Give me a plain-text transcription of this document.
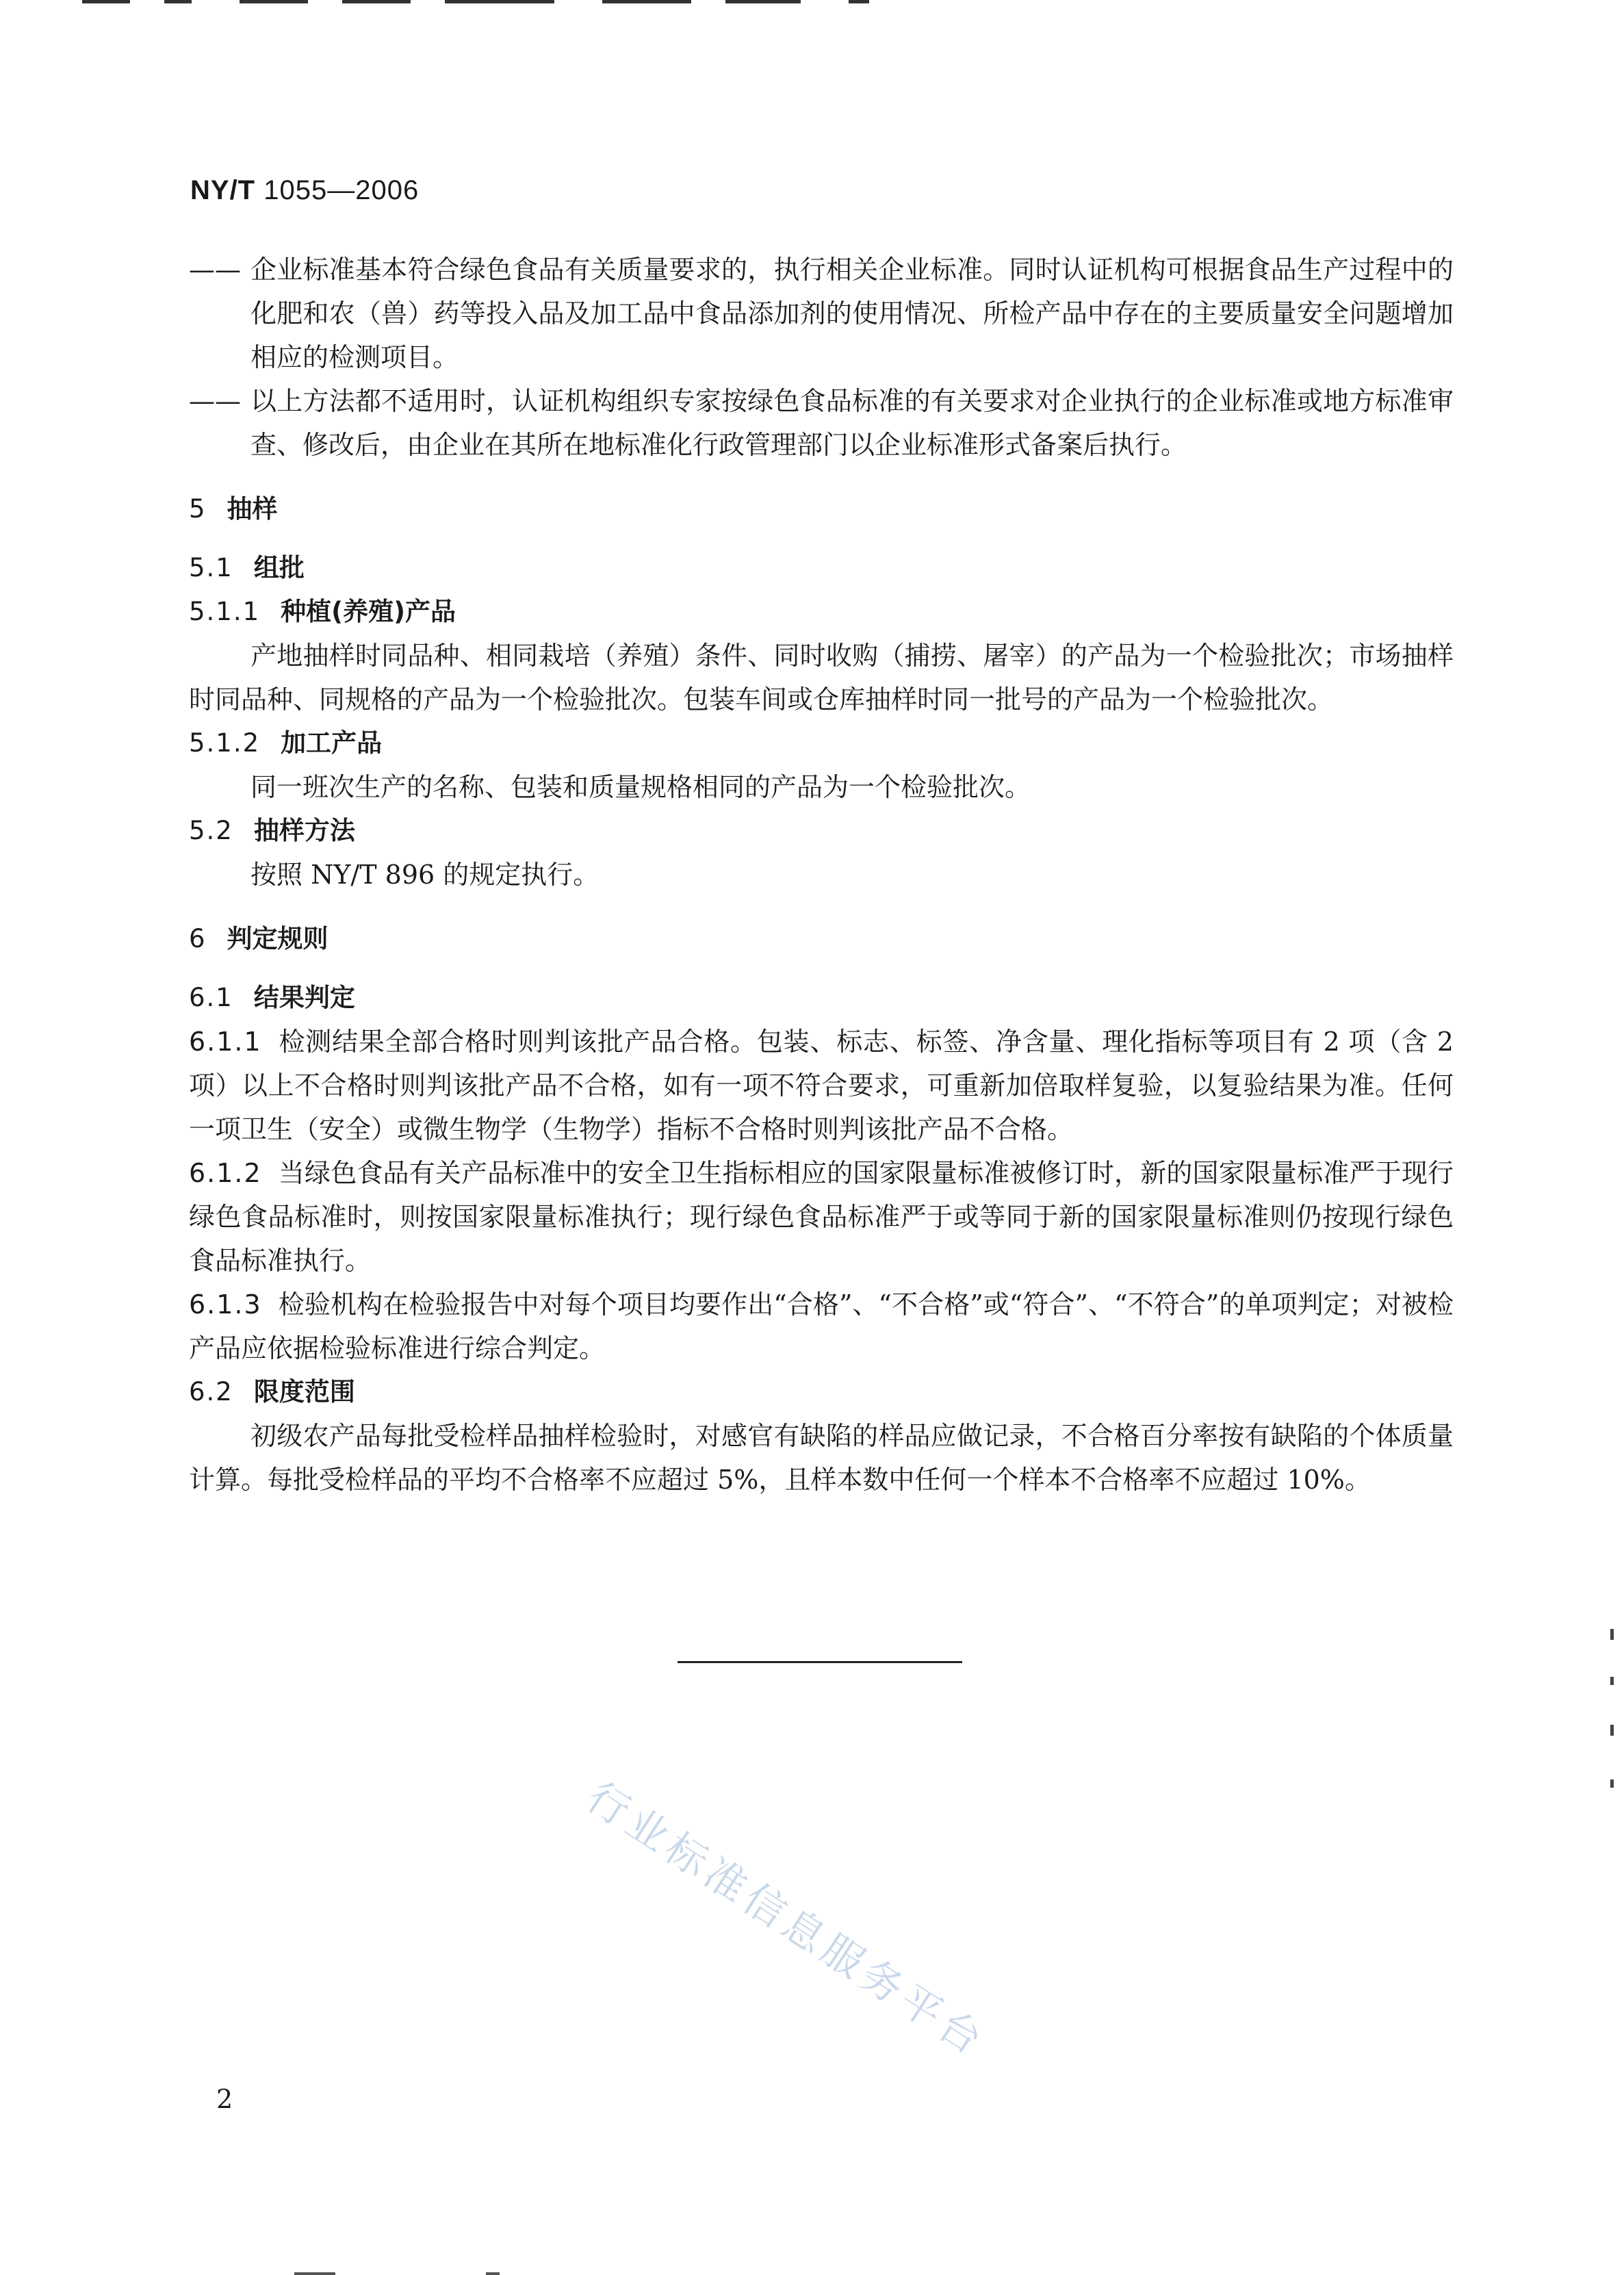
NY/T 1055—2006
—— 企业标准基本符合绿色食品有关质量要求的，执行相关企业标准。同时认证机构可根据食品生产过程中的化肥和农（兽）药等投入品及加工品中食品添加剂的使用情况、所检产品中存在的主要质量安全问题增加相应的检测项目。
—— 以上方法都不适用时，认证机构组织专家按绿色食品标准的有关要求对企业执行的企业标准或地方标准审查、修改后，由企业在其所在地标准化行政管理部门以企业标准形式备案后执行。
5 抽样
5.1 组批
5.1.1 种植(养殖)产品
产地抽样时同品种、相同栽培（养殖）条件、同时收购（捕捞、屠宰）的产品为一个检验批次；市场抽样时同品种、同规格的产品为一个检验批次。包装车间或仓库抽样时同一批号的产品为一个检验批次。
5.1.2 加工产品
同一班次生产的名称、包装和质量规格相同的产品为一个检验批次。
5.2 抽样方法
按照 NY/T 896 的规定执行。
6 判定规则
6.1 结果判定
6.1.1 检测结果全部合格时则判该批产品合格。包装、标志、标签、净含量、理化指标等项目有 2 项（含 2 项）以上不合格时则判该批产品不合格，如有一项不符合要求，可重新加倍取样复验，以复验结果为准。任何一项卫生（安全）或微生物学（生物学）指标不合格时则判该批产品不合格。
6.1.2 当绿色食品有关产品标准中的安全卫生指标相应的国家限量标准被修订时，新的国家限量标准严于现行绿色食品标准时，则按国家限量标准执行；现行绿色食品标准严于或等同于新的国家限量标准则仍按现行绿色食品标准执行。
6.1.3 检验机构在检验报告中对每个项目均要作出“合格”、“不合格”或“符合”、“不符合”的单项判定；对被检产品应依据检验标准进行综合判定。
6.2 限度范围
初级农产品每批受检样品抽样检验时，对感官有缺陷的样品应做记录，不合格百分率按有缺陷的个体质量计算。每批受检样品的平均不合格率不应超过 5%，且样本数中任何一个样本不合格率不应超过 10%。
行业标准信息服务平台
2
